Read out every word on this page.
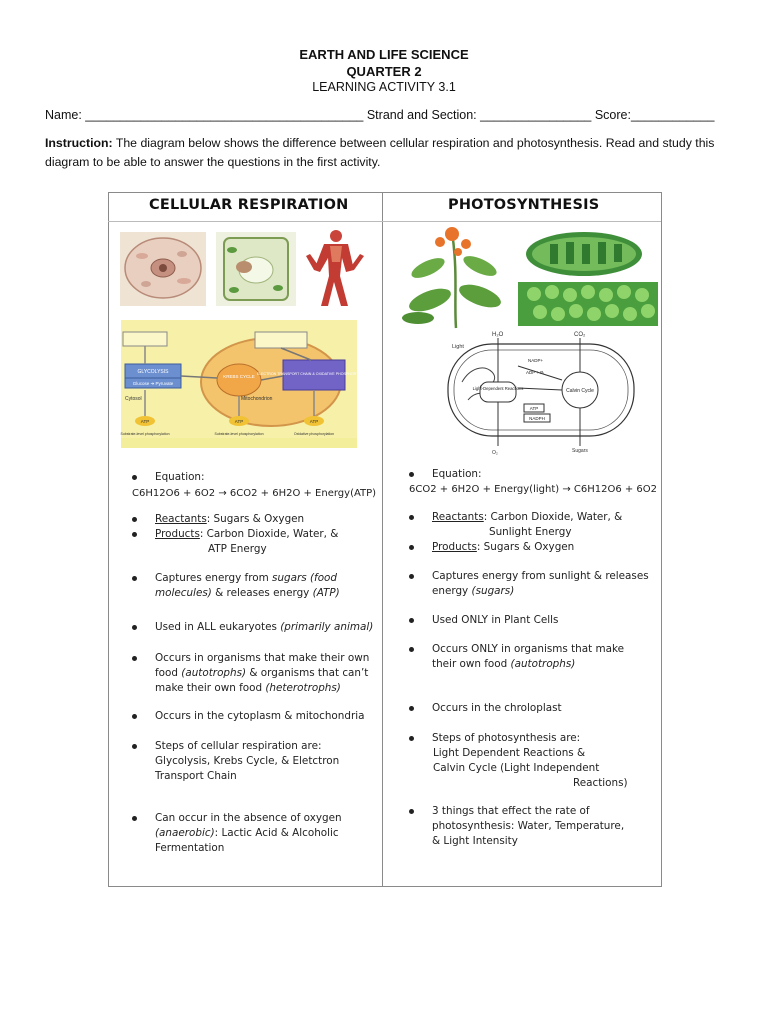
EARTH AND LIFE SCIENCE
QUARTER 2
LEARNING ACTIVITY 3.1
Name: ________________________________________ Strand and Section: ________________ Score:____________
Instruction: The diagram below shows the difference between cellular respiration and photosynthesis. Read and study this diagram to be able to answer the questions in the first activity.
CELLULAR RESPIRATION	PHOTOSYNTHESIS
GLYCOLYSIS
Glucose ➜ Pyruvate
KREBS CYCLE ELECTRON TRANSPORT CHAIN & OXIDATIVE PHOSPHORYLATION
Cytosol	Mitochondrion
ATP	ATP	ATP
Substrate-level phosphorylation	Substrate-level phosphorylation	Oxidative phosphorylation
H₂O	CO₂
Light
Light-Dependent Reactions	Calvin Cycle
NADP+
ADP + Pᵢ
ATP
NADPH
O₂	Sugars
Equation:
C6H12O6 + 6O2 → 6CO2 + 6H2O + Energy(ATP)
Reactants: Sugars & Oxygen
Products: Carbon Dioxide, Water, &
ATP Energy
Captures energy from sugars (food
molecules) & releases energy (ATP)
Used in ALL eukaryotes (primarily animal)
Occurs in organisms that make their own
food (autotrophs) & organisms that can’t
make their own food (heterotrophs)
Occurs in the cytoplasm & mitochondria
Steps of cellular respiration are:
Glycolysis, Krebs Cycle, & Eletctron
Transport Chain
Can occur in the absence of oxygen
(anaerobic): Lactic Acid & Alcoholic
Fermentation
Equation:
6CO2 + 6H2O + Energy(light) → C6H12O6 + 6O2
Reactants: Carbon Dioxide, Water, &
Sunlight Energy
Products: Sugars & Oxygen
Captures energy from sunlight & releases
energy (sugars)
Used ONLY in Plant Cells
Occurs ONLY in organisms that make
their own food (autotrophs)
Occurs in the chroloplast
Steps of photosynthesis are:
Light Dependent Reactions &
Calvin Cycle (Light Independent
Reactions)
3 things that effect the rate of
photosynthesis: Water, Temperature,
& Light Intensity
